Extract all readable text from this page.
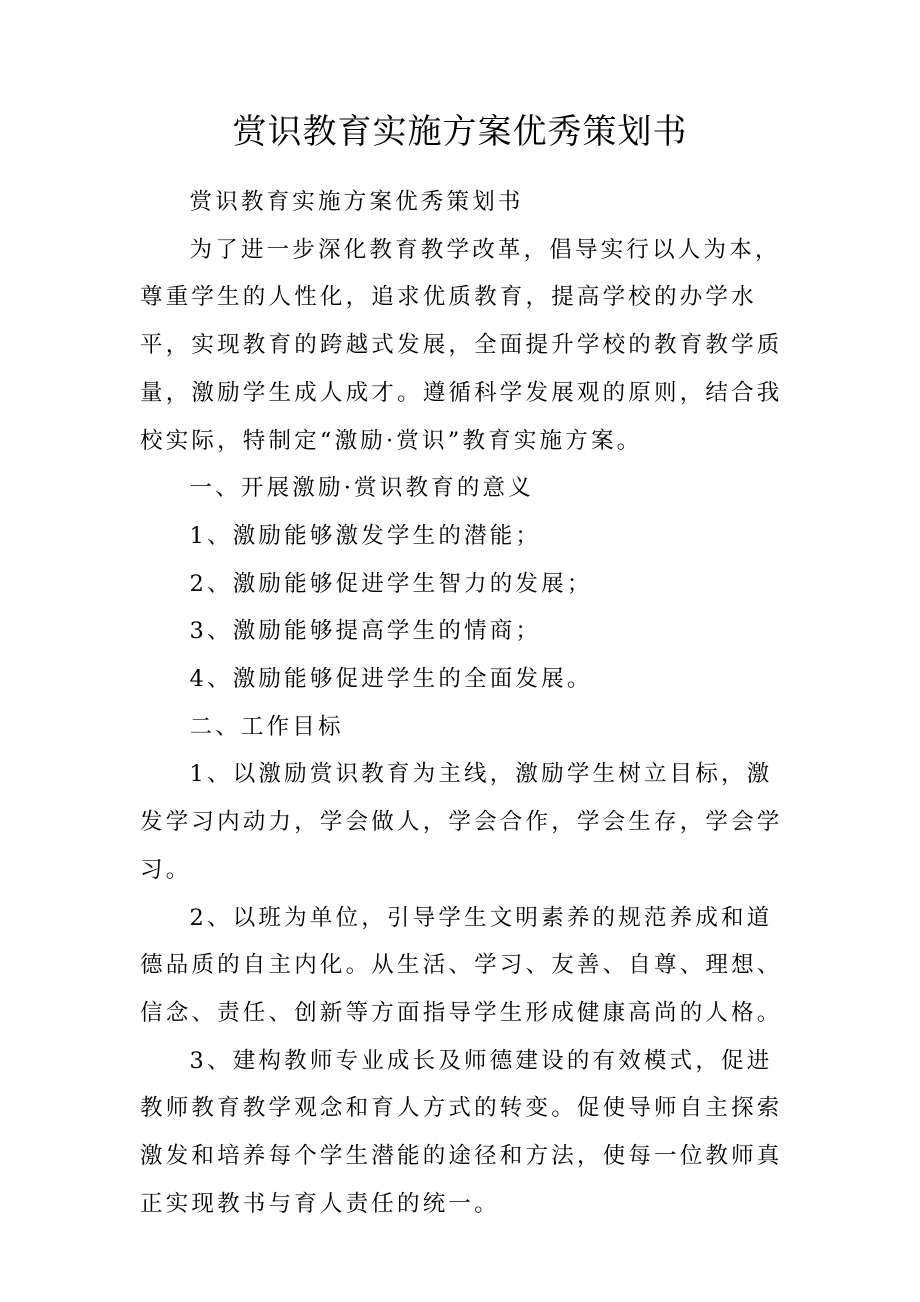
赏识教育实施方案优秀策划书

赏识教育实施方案优秀策划书

为了进一步深化教育教学改革，倡导实行以人为本，尊重学生的人性化，追求优质教育，提高学校的办学水平，实现教育的跨越式发展，全面提升学校的教育教学质量，激励学生成人成才。遵循科学发展观的原则，结合我校实际，特制定“激励·赏识”教育实施方案。

一、开展激励·赏识教育的意义

1、激励能够激发学生的潜能；

2、激励能够促进学生智力的发展；

3、激励能够提高学生的情商；

4、激励能够促进学生的全面发展。

二、工作目标

1、以激励赏识教育为主线，激励学生树立目标，激发学习内动力，学会做人，学会合作，学会生存，学会学习。

2、以班为单位，引导学生文明素养的规范养成和道德品质的自主内化。从生活、学习、友善、自尊、理想、信念、责任、创新等方面指导学生形成健康高尚的人格。

3、建构教师专业成长及师德建设的有效模式，促进教师教育教学观念和育人方式的转变。促使导师自主探索激发和培养每个学生潜能的途径和方法，使每一位教师真正实现教书与育人责任的统一。
